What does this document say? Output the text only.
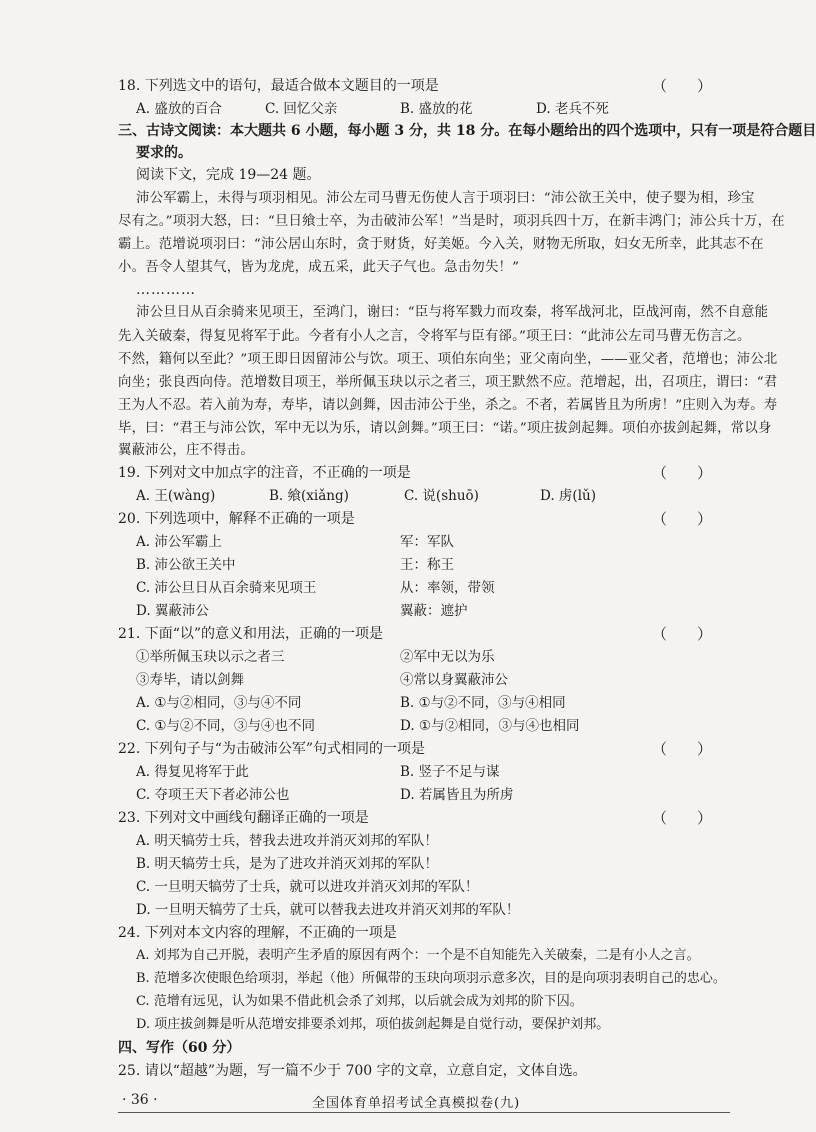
18. 下列选文中的语句，最适合做本文题目的一项是	（　　）
A. 盛放的百合	C. 回忆父亲	B. 盛放的花	D. 老兵不死
三、古诗文阅读：本大题共 6 小题，每小题 3 分，共 18 分。在每小题给出的四个选项中，只有一项是符合题目
要求的。
阅读下文，完成 19—24 题。
沛公军霸上，未得与项羽相见。沛公左司马曹无伤使人言于项羽曰：“沛公欲王关中，使子婴为相，珍宝
尽有之。”项羽大怒，曰：“旦日飨士卒，为击破沛公军！”当是时，项羽兵四十万，在新丰鸿门；沛公兵十万，在
霸上。范增说项羽曰：“沛公居山东时，贪于财货，好美姬。今入关，财物无所取，妇女无所幸，此其志不在
小。吾令人望其气，皆为龙虎，成五采，此天子气也。急击勿失！”
…………
沛公旦日从百余骑来见项王，至鸿门，谢曰：“臣与将军戮力而攻秦，将军战河北，臣战河南，然不自意能
先入关破秦，得复见将军于此。今者有小人之言，令将军与臣有郤。”项王曰：“此沛公左司马曹无伤言之。
不然，籍何以至此？”项王即日因留沛公与饮。项王、项伯东向坐；亚父南向坐，——亚父者，范增也；沛公北
向坐；张良西向侍。范增数目项王，举所佩玉玦以示之者三，项王默然不应。范增起，出，召项庄，谓曰：“君
王为人不忍。若入前为寿，寿毕，请以剑舞，因击沛公于坐，杀之。不者，若属皆且为所虏！”庄则入为寿。寿
毕，曰：“君王与沛公饮，军中无以为乐，请以剑舞。”项王曰：“诺。”项庄拔剑起舞。项伯亦拔剑起舞，常以身
翼蔽沛公，庄不得击。
19. 下列对文中加点字的注音，不正确的一项是	（　　）
A. 王(wàng)	B. 飨(xiǎng)	C. 说(shuō)	D. 虏(lǔ)
20. 下列选项中，解释不正确的一项是	（　　）
A. 沛公军霸上	军：军队
B. 沛公欲王关中	王：称王
C. 沛公旦日从百余骑来见项王	从：率领，带领
D. 翼蔽沛公	翼蔽：遮护
21. 下面“以”的意义和用法，正确的一项是	（　　）
①举所佩玉玦以示之者三	②军中无以为乐
③寿毕，请以剑舞	④常以身翼蔽沛公
A. ①与②相同，③与④不同	B. ①与②不同，③与④相同
C. ①与②不同，③与④也不同	D. ①与②相同，③与④也相同
22. 下列句子与“为击破沛公军”句式相同的一项是	（　　）
A. 得复见将军于此	B. 竖子不足与谋
C. 夺项王天下者必沛公也	D. 若属皆且为所虏
23. 下列对文中画线句翻译正确的一项是	（　　）
A. 明天犒劳士兵，替我去进攻并消灭刘邦的军队！
B. 明天犒劳士兵，是为了进攻并消灭刘邦的军队！
C. 一旦明天犒劳了士兵，就可以进攻并消灭刘邦的军队！
D. 一旦明天犒劳了士兵，就可以替我去进攻并消灭刘邦的军队！
24. 下列对本文内容的理解，不正确的一项是
A. 刘邦为自己开脱，表明产生矛盾的原因有两个：一个是不自知能先入关破秦，二是有小人之言。
B. 范增多次使眼色给项羽，举起（他）所佩带的玉玦向项羽示意多次，目的是向项羽表明自己的忠心。
C. 范增有远见，认为如果不借此机会杀了刘邦，以后就会成为刘邦的阶下囚。
D. 项庄拔剑舞是听从范增安排要杀刘邦，项伯拔剑起舞是自觉行动，要保护刘邦。
四、写作（60 分）
25. 请以“超越”为题，写一篇不少于 700 字的文章，立意自定，文体自选。
· 36 ·	全国体育单招考试全真模拟卷(九)
